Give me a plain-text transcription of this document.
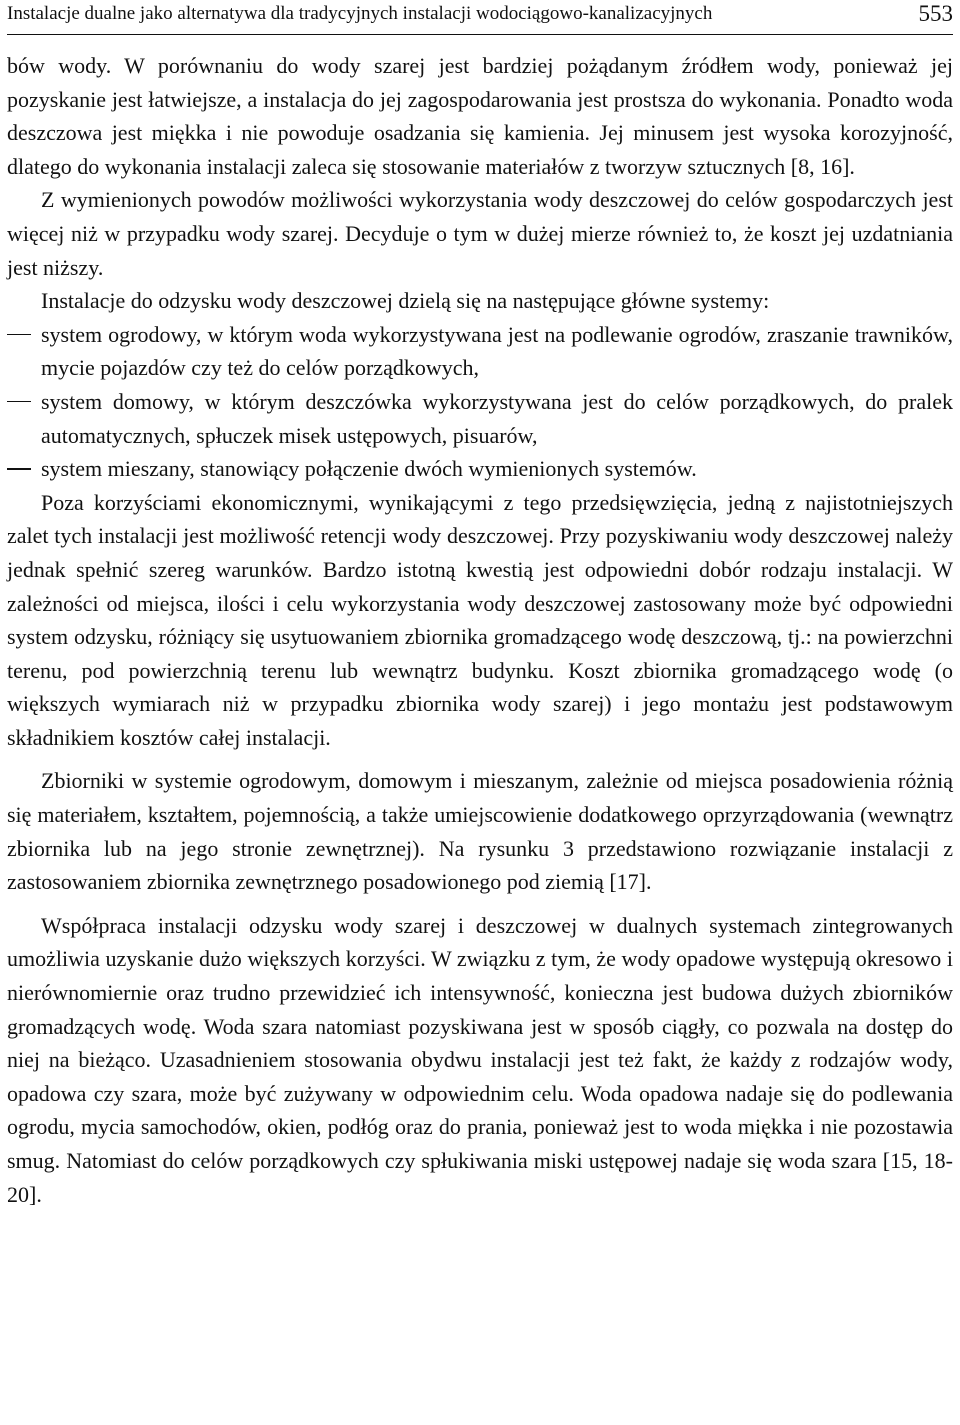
Instalacje dualne jako alternatywa dla tradycyjnych instalacji wodociągowo-kanalizacyjnych	553

bów wody. W porównaniu do wody szarej jest bardziej pożądanym źródłem wody, ponieważ jej pozyskanie jest łatwiejsze, a instalacja do jej zagospodarowania jest prostsza do wykonania. Ponadto woda deszczowa jest miękka i nie powoduje osadzania się kamienia. Jej minusem jest wysoka korozyjność, dlatego do wykonania instalacji zaleca się stosowanie materiałów z tworzyw sztucznych [8, 16].

Z wymienionych powodów możliwości wykorzystania wody deszczowej do celów gospodarczych jest więcej niż w przypadku wody szarej. Decyduje o tym w dużej mierze również to, że koszt jej uzdatniania jest niższy.

Instalacje do odzysku wody deszczowej dzielą się na następujące główne systemy:

system ogrodowy, w którym woda wykorzystywana jest na podlewanie ogrodów, zraszanie trawników, mycie pojazdów czy też do celów porządkowych,
system domowy, w którym deszczówka wykorzystywana jest do celów porządkowych, do pralek automatycznych, spłuczek misek ustępowych, pisuarów,
system mieszany, stanowiący połączenie dwóch wymienionych systemów.

Poza korzyściami ekonomicznymi, wynikającymi z tego przedsięwzięcia, jedną z najistotniejszych zalet tych instalacji jest możliwość retencji wody deszczowej. Przy pozyskiwaniu wody deszczowej należy jednak spełnić szereg warunków. Bardzo istotną kwestią jest odpowiedni dobór rodzaju instalacji. W zależności od miejsca, ilości i celu wykorzystania wody deszczowej zastosowany może być odpowiedni system odzysku, różniący się usytuowaniem zbiornika gromadzącego wodę deszczową, tj.: na powierzchni terenu, pod powierzchnią terenu lub wewnątrz budynku. Koszt zbiornika gromadzącego wodę (o większych wymiarach niż w przypadku zbiornika wody szarej) i jego montażu jest podstawowym składnikiem kosztów całej instalacji.

Zbiorniki w systemie ogrodowym, domowym i mieszanym, zależnie od miejsca posadowienia różnią się materiałem, kształtem, pojemnością, a także umiejscowienie dodatkowego oprzyrządowania (wewnątrz zbiornika lub na jego stronie zewnętrznej). Na rysunku 3 przedstawiono rozwiązanie instalacji z zastosowaniem zbiornika zewnętrznego posadowionego pod ziemią [17].

Współpraca instalacji odzysku wody szarej i deszczowej w dualnych systemach zintegrowanych umożliwia uzyskanie dużo większych korzyści. W związku z tym, że wody opadowe występują okresowo i nierównomiernie oraz trudno przewidzieć ich intensywność, konieczna jest budowa dużych zbiorników gromadzących wodę. Woda szara natomiast pozyskiwana jest w sposób ciągły, co pozwala na dostęp do niej na bieżąco. Uzasadnieniem stosowania obydwu instalacji jest też fakt, że każdy z rodzajów wody, opadowa czy szara, może być zużywany w odpowiednim celu. Woda opadowa nadaje się do podlewania ogrodu, mycia samochodów, okien, podłóg oraz do prania, ponieważ jest to woda miękka i nie pozostawia smug. Natomiast do celów porządkowych czy spłukiwania miski ustępowej nadaje się woda szara [15, 18-20].
